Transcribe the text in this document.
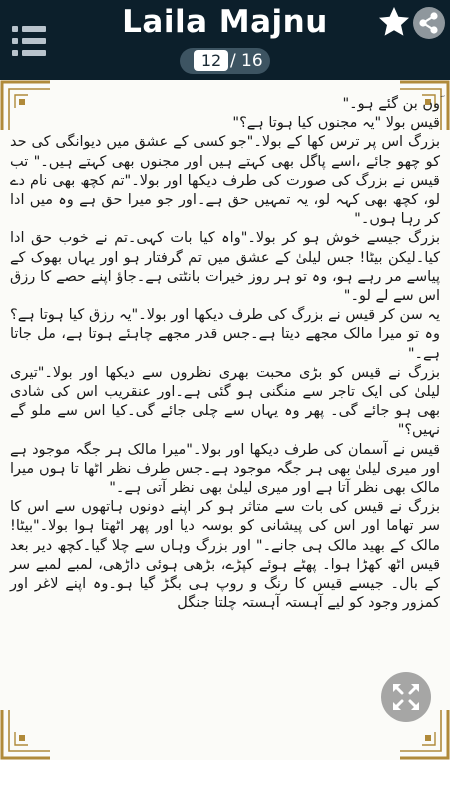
Laila Majnu
12 / 16

ؔوں بن گئے ہو۔"

قیس بولا "یہ مجنوں کیا ہوتا ہے؟"

بزرگ اس پر ترس کھا کے بولا۔"جو کسی کے عشق میں دیوانگی کی حد کو چھو جائے ،اسے پاگل بھی کہتے ہیں اور مجنوں بھی کہتے ہیں۔" تب قیس نے بزرگ کی صورت کی طرف دیکھا اور بولا۔"تم کچھ بھی نام دے لو، کچھ بھی کہہ لو، یہ تمہیں حق ہے۔اور جو میرا حق ہے وہ میں ادا کر رہا ہوں۔"

بزرگ جیسے خوش ہو کر بولا۔"واہ کیا بات کہی۔تم نے خوب حق ادا کیا۔لیکن بیٹا! جس لیلیٰ کے عشق میں تم گرفتار ہو اور یہاں بھوک کے پیاسے مر رہے ہو، وہ تو ہر روز خیرات بانٹتی ہے۔جاؤ اپنے حصے کا رزق اس سے لے لو۔"

یہ سن کر قیس نے بزرگ کی طرف دیکھا اور بولا۔"یہ رزق کیا ہوتا ہے؟ وہ تو میرا مالک مجھے دیتا ہے۔جس قدر مجھے چاہئے ہوتا ہے، مل جاتا ہے۔"

بزرگ نے قیس کو بڑی محبت بھری نظروں سے دیکھا اور بولا۔"تیری لیلیٰ کی ایک تاجر سے منگنی ہو گئی ہے۔اور عنقریب اس کی شادی بھی ہو جائے گی۔ پھر وہ یہاں سے چلی جائے گی۔کیا اس سے ملو گے نہیں؟"

قیس نے آسمان کی طرف دیکھا اور بولا۔"میرا مالک ہر جگہ موجود ہے اور میری لیلیٰ بھی ہر جگہ موجود ہے۔جس طرف نظر اٹھا تا ہوں میرا مالک بھی نظر آتا ہے اور میری لیلیٰ بھی نظر آتی ہے۔"

بزرگ نے قیس کی بات سے متاثر ہو کر اپنے دونوں ہاتھوں سے اس کا سر تھاما اور اس کی پیشانی کو بوسہ دیا اور پھر اٹھتا ہوا بولا۔"بیٹا! مالک کے بھید مالک ہی جانے۔" اور بزرگ وہاں سے چلا گیا۔کچھ دیر بعد قیس اٹھ کھڑا ہوا۔ پھٹے ہوئے کپڑے، بڑھی ہوئی داڑھی، لمبے لمبے سر کے بال۔ جیسے قیس کا رنگ و روپ ہی بگڑ گیا ہو۔وہ اپنے لاغر اور کمزور وجود کو لیے آہستہ آہستہ چلتا جنگل
